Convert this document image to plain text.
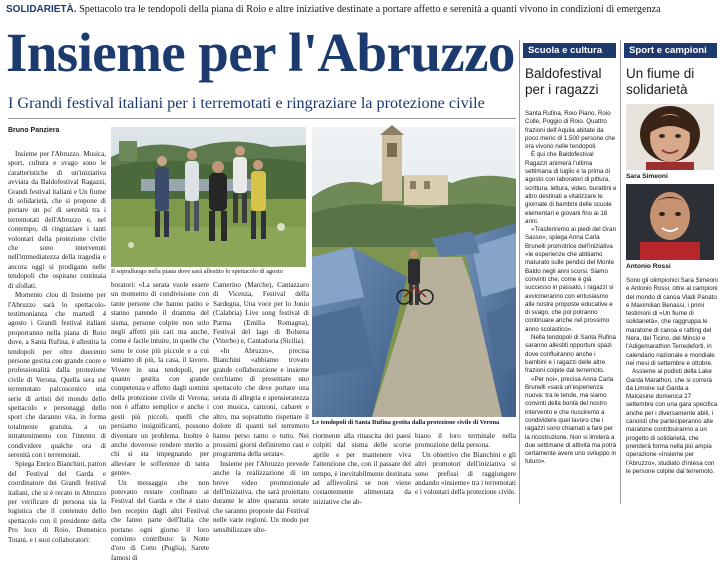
SOLIDARIETÀ. Spettacolo tra le tendopoli della piana di Roio e altre iniziative destinate a portare affetto e serenità a quanti vivono in condizioni di emergenza
Insieme per l'Abruzzo
I Grandi festival italiani per i terremotati e ringraziare la protezione civile
Bruno Panziera

Insieme per l'Abruzzo. Musica, sport, cultura e svago sono le caratteristiche di un'iniziativa avviata da Baldofestival Ragazzi, Grandi festival italiani e Un fiume di solidarietà, che si propone di portare un po' di serenità tra i terremotati dell'Abruzzo e, nel contempo, di ringraziare i tanti volontari della protezione civile che sono intervenuti nell'immediatezza della tragedia e ancora oggi si prodigano nelle tendopoli che ospitano centinaia di sfollati.

Momento clou di Insieme per l'Abruzzo sarà lo spettacolo-testimonianza che martedì 4 agosto i Grandi festival italiani proporranno nella piana di Roio dove, a Santa Rufina, è allestita la tendopoli per oltre duecento persone gestita con grande cuore e professionalità dalla protezione civile di Verona. Quella sera sul terremotato palcoscenico una serie di artisti del mondo dello spettacolo e personaggi dello sport che daranno vita, in forma totalmente gratuita, a un intrattenimento con l'intento di condividere qualche ora di serenità con i terremotati.

Spiega Enrico Bianchini, patron del Festival del Garda e coordinatore dei Grandi festival italiani, che si è recato in Abruzzo per verificare di persona sia la logistica che il contenuto dello spettacolo con il presidente della Pro loco di Roio, Domenico Totani, e i suoi collaboratori:

Il sopralluogo nella piana dove sarà allestito lo spettacolo di agosto
Le tendopoli di Santa Rufina gestita dalla protezione civile di Verona

boratori: «La serata vuole essere un momento di condivisione con tante persone che hanno patito e stanno patendo il dramma del sisma, persone colpite non solo negli affetti più cari ma anche, come è facile intuire, in quelle che sono le cose più piccole e a cui teniamo di più, la casa, il lavoro. Vivere in una tendopoli, per quanto gestita con grande competenza e affetto dagli uomini della protezione civile di Verona, non è affatto semplice e anche i gesti più piccoli, quelli che persiamo insignificanti, possono diventare un problema. Inoltre è anche doveroso rendere merito a chi si sta impegnando per alleviare le sofferenze di tanta gente».

Un messaggio che non potevano restare confinato ai Festival del Garda e che è stato ben recepito dagli altri Festival che fanno parte dell'Italia che portano ogni giorno il loro convinto contributo: la Notte d'oro di Cotto (Puglia), Sarete famosi di

Camerino (Marche), Cantazzaro di Vicenza, Festival della Sardegna, Una voce per lo Jonio (Calabria) Live song festival di Parma (Emilia Romagna), Festival del lago di Bolsena (Viterbo) e, Cantadoria (Sicilia).

«In Abruzzo», precisa Bianchini «abbiamo trovato grande collaborazione e insieme cerchiamo di presentare uno spettacolo che deve portare una serata di allegria e spensieratezza con musica, canzoni, cabaret e altro, ma soprattutto rispettare il dolore di quanti nel terremoto hanno perso tanto o tutto. Nei prossimi giorni definiremo cast e programma della serata».

Insieme per l'Abruzzo prevede anche la realizzazione di un breve video promozionale dell'iniziativa, che sarà proiettato durante le altre quaranta serate che saranno proposte dai Festival nelle varie regioni. Un modo per sensibilizzare ulte-

riormente alla rinascita dei paesi colpiti dal sisma delle scorse aprile e per mantenere viva l'attenzione che, con il passare del tempo, è inevitabilmente destinata ad affievolirsi se non viene costantemente alimentata da iniziative che ab-

biano il loro terminale nella promozione della persona.

Un obiettivo che Bianchini e gli altri promotori dell'iniziativa si sono prefissi di raggiungere andando «insieme» tra i terremotati e i volontari della protezione civile.

Scuola e cultura
Baldofestival per i ragazzi

Santa Rufina, Roio Piano, Roio Colle, Poggio di Roio. Quattro frazioni dell'Aquila abitate da poco meno di 1.500 persone che ora vivono nelle tendopoli.

È qui che Baldofestival Ragazzi animerà l'ultima settimana di luglio e la prima di agosto con laboratori di pittura, scrittura, lettura, video, burattini e altro destinati a vitalizzare le giornate di bambini delle scuole elementari e giovani fino ai 18 anni.

«Trasferiremo ai piedi del Gran Sasso», spiega Anna Carla Brunelli promotrice dell'iniziativa «le esperienze che abbiamo maturato sulle pendici del Monte Baldo negli anni scorsi. Siamo convinti che, come è già successo in passato, i ragazzi si avvicineranno con entusiasmo alle nostre proposte educative e di svago, che poi potranno continuare anche nel prossimo anno scolastico».

Nella tendopoli di Santa Rufina saranno allestiti opportuni spazi dove confluiranno anche i bambini e i ragazzi delle altre frazioni colpite dal terremoto.

«Per noi», precisa Anna Carla Brunelli «sarà un'esperienza nuova: tra le tende, ma siamo convinti della bontà del nostro intervento e che riusciremo a condividere quel lavoro che i ragazzi sono chiamati a fare per la ricostruzione. Non si limiterà a due settimane di attività ma potrà certamente avere uno sviluppo in futuro».

Sport e campioni
Un fiume di solidarietà
Sara Simeoni
Antonio Rossi

Sono gli olimpionici Sara Simeoni e Antonio Rossi, oltre ai campioni del mondo di canoa Vladi Panato e Maximilian Benassi, i primi testimoni di «Un fiume di solidarietà», che raggruppa le maratone di canoa e rafting del Nera, del Ticino, del Mincio e l'Adigemarathon Terredeforti, in calendario nazionale e mondiale nei mesi di settembre e ottobre.

Assieme ai podisti della Lake Garda Marathon, che si correrà da Limone sul Garda a Malcesine domenica 27 settembre con una gara specifica anche per i diversamente abili, i canoisti che parteciperanno alle maratone contribuiranno a un progetto di solidarietà, che prenderà forma nella più ampia operazione «Insieme per l'Abruzzo», studiato d'intesa con le persone colpite dal terremoto.
